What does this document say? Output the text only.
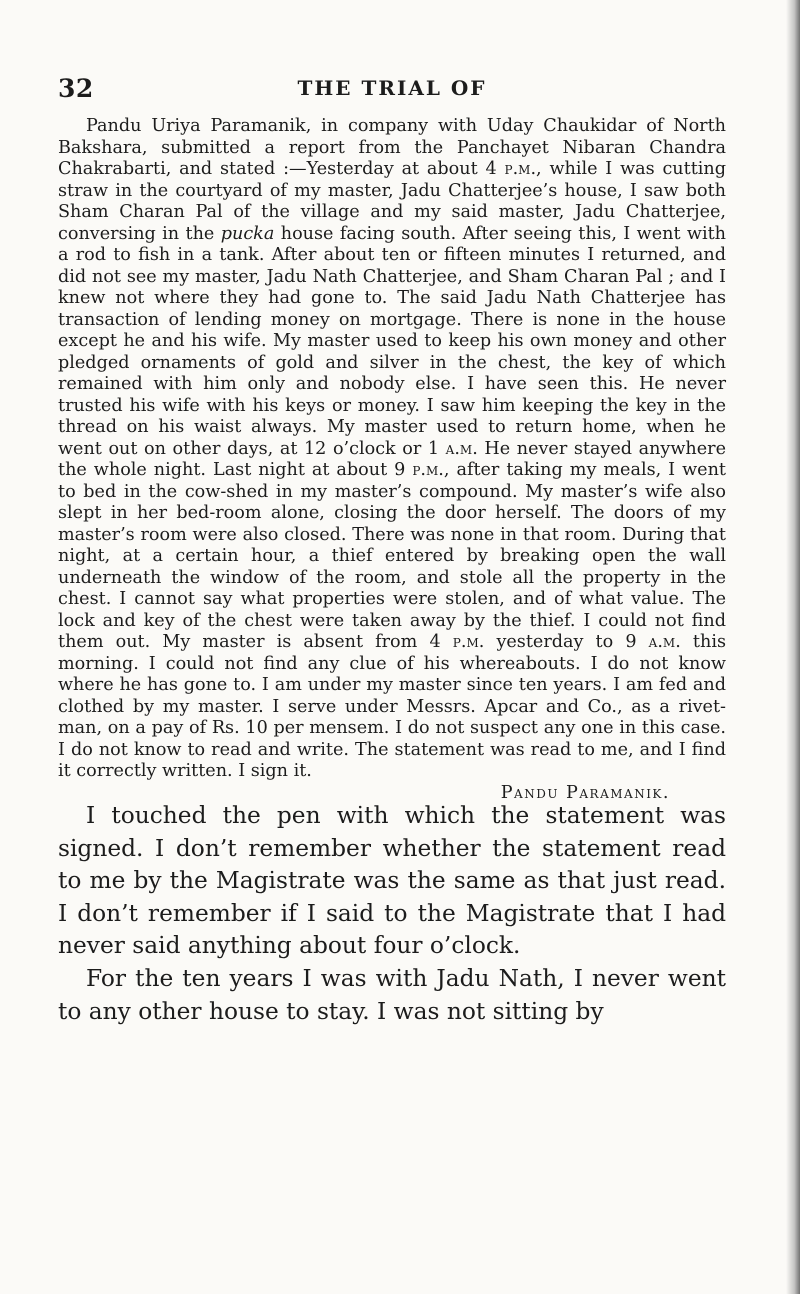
32	THE TRIAL OF

Pandu Uriya Paramanik, in company with Uday Chaukidar of North Bakshara, submitted a report from the Panchayet Nibaran Chandra Chakrabarti, and stated :—Yesterday at about 4 p.m., while I was cutting straw in the courtyard of my master, Jadu Chatterjee’s house, I saw both Sham Charan Pal of the village and my said master, Jadu Chatterjee, conversing in the pucka house facing south. After seeing this, I went with a rod to fish in a tank. After about ten or fifteen minutes I returned, and did not see my master, Jadu Nath Chatterjee, and Sham Charan Pal ; and I knew not where they had gone to. The said Jadu Nath Chatterjee has transaction of lending money on mortgage. There is none in the house except he and his wife. My master used to keep his own money and other pledged ornaments of gold and silver in the chest, the key of which remained with him only and nobody else. I have seen this. He never trusted his wife with his keys or money. I saw him keeping the key in the thread on his waist always. My master used to return home, when he went out on other days, at 12 o’clock or 1 a.m. He never stayed anywhere the whole night. Last night at about 9 p.m., after taking my meals, I went to bed in the cow-shed in my master’s compound. My master’s wife also slept in her bed-room alone, closing the door herself. The doors of my master’s room were also closed. There was none in that room. During that night, at a certain hour, a thief entered by breaking open the wall underneath the window of the room, and stole all the property in the chest. I cannot say what properties were stolen, and of what value. The lock and key of the chest were taken away by the thief. I could not find them out. My master is absent from 4 p.m. yesterday to 9 a.m. this morning. I could not find any clue of his whereabouts. I do not know where he has gone to. I am under my master since ten years. I am fed and clothed by my master. I serve under Messrs. Apcar and Co., as a rivet-man, on a pay of Rs. 10 per mensem. I do not suspect any one in this case. I do not know to read and write. The statement was read to me, and I find it correctly written. I sign it.

Pandu Paramanik.

I touched the pen with which the statement was signed. I don’t remember whether the statement read to me by the Magistrate was the same as that just read. I don’t remember if I said to the Magistrate that I had never said anything about four o’clock.

For the ten years I was with Jadu Nath, I never went to any other house to stay. I was not sitting by
